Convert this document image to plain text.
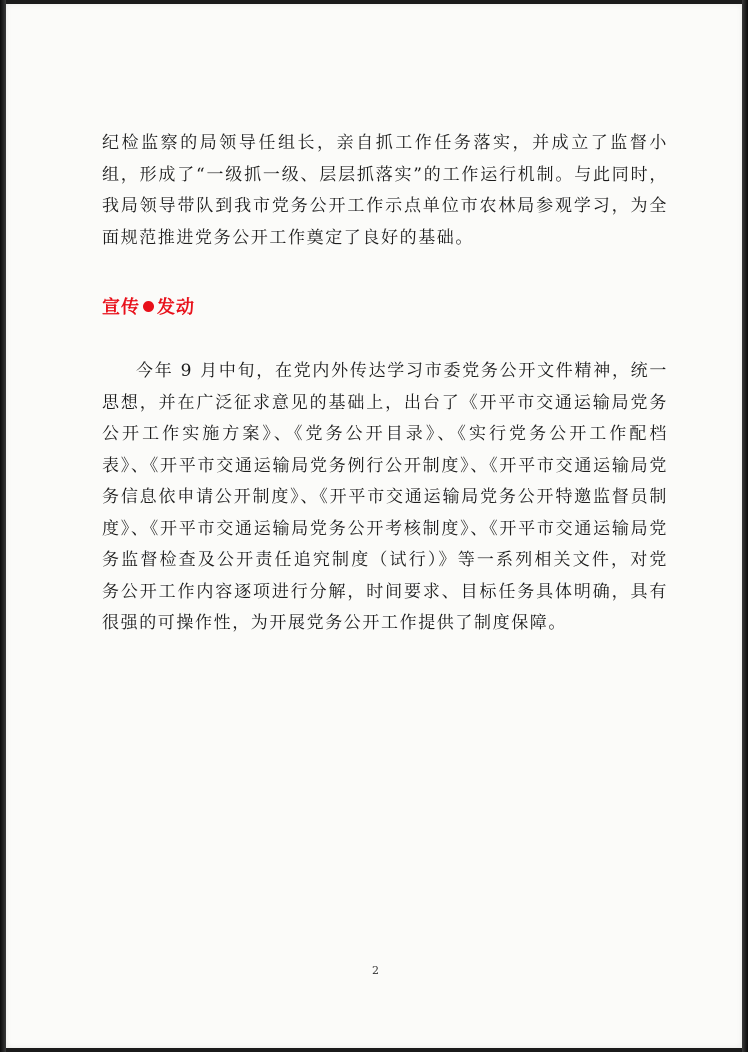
纪检监察的局领导任组长，亲自抓工作任务落实，并成立了监督小组，形成了“一级抓一级、层层抓落实”的工作运行机制。与此同时，我局领导带队到我市党务公开工作示点单位市农林局参观学习，为全面规范推进党务公开工作奠定了良好的基础。

宣传 发动

今年 9 月中旬，在党内外传达学习市委党务公开文件精神，统一思想，并在广泛征求意见的基础上，出台了《开平市交通运输局党务公开工作实施方案》、《党务公开目录》、《实行党务公开工作配档表》、《开平市交通运输局党务例行公开制度》、《开平市交通运输局党务信息依申请公开制度》、《开平市交通运输局党务公开特邀监督员制度》、《开平市交通运输局党务公开考核制度》、《开平市交通运输局党务监督检查及公开责任追究制度（试行）》等一系列相关文件，对党务公开工作内容逐项进行分解，时间要求、目标任务具体明确，具有很强的可操作性，为开展党务公开工作提供了制度保障。

2
